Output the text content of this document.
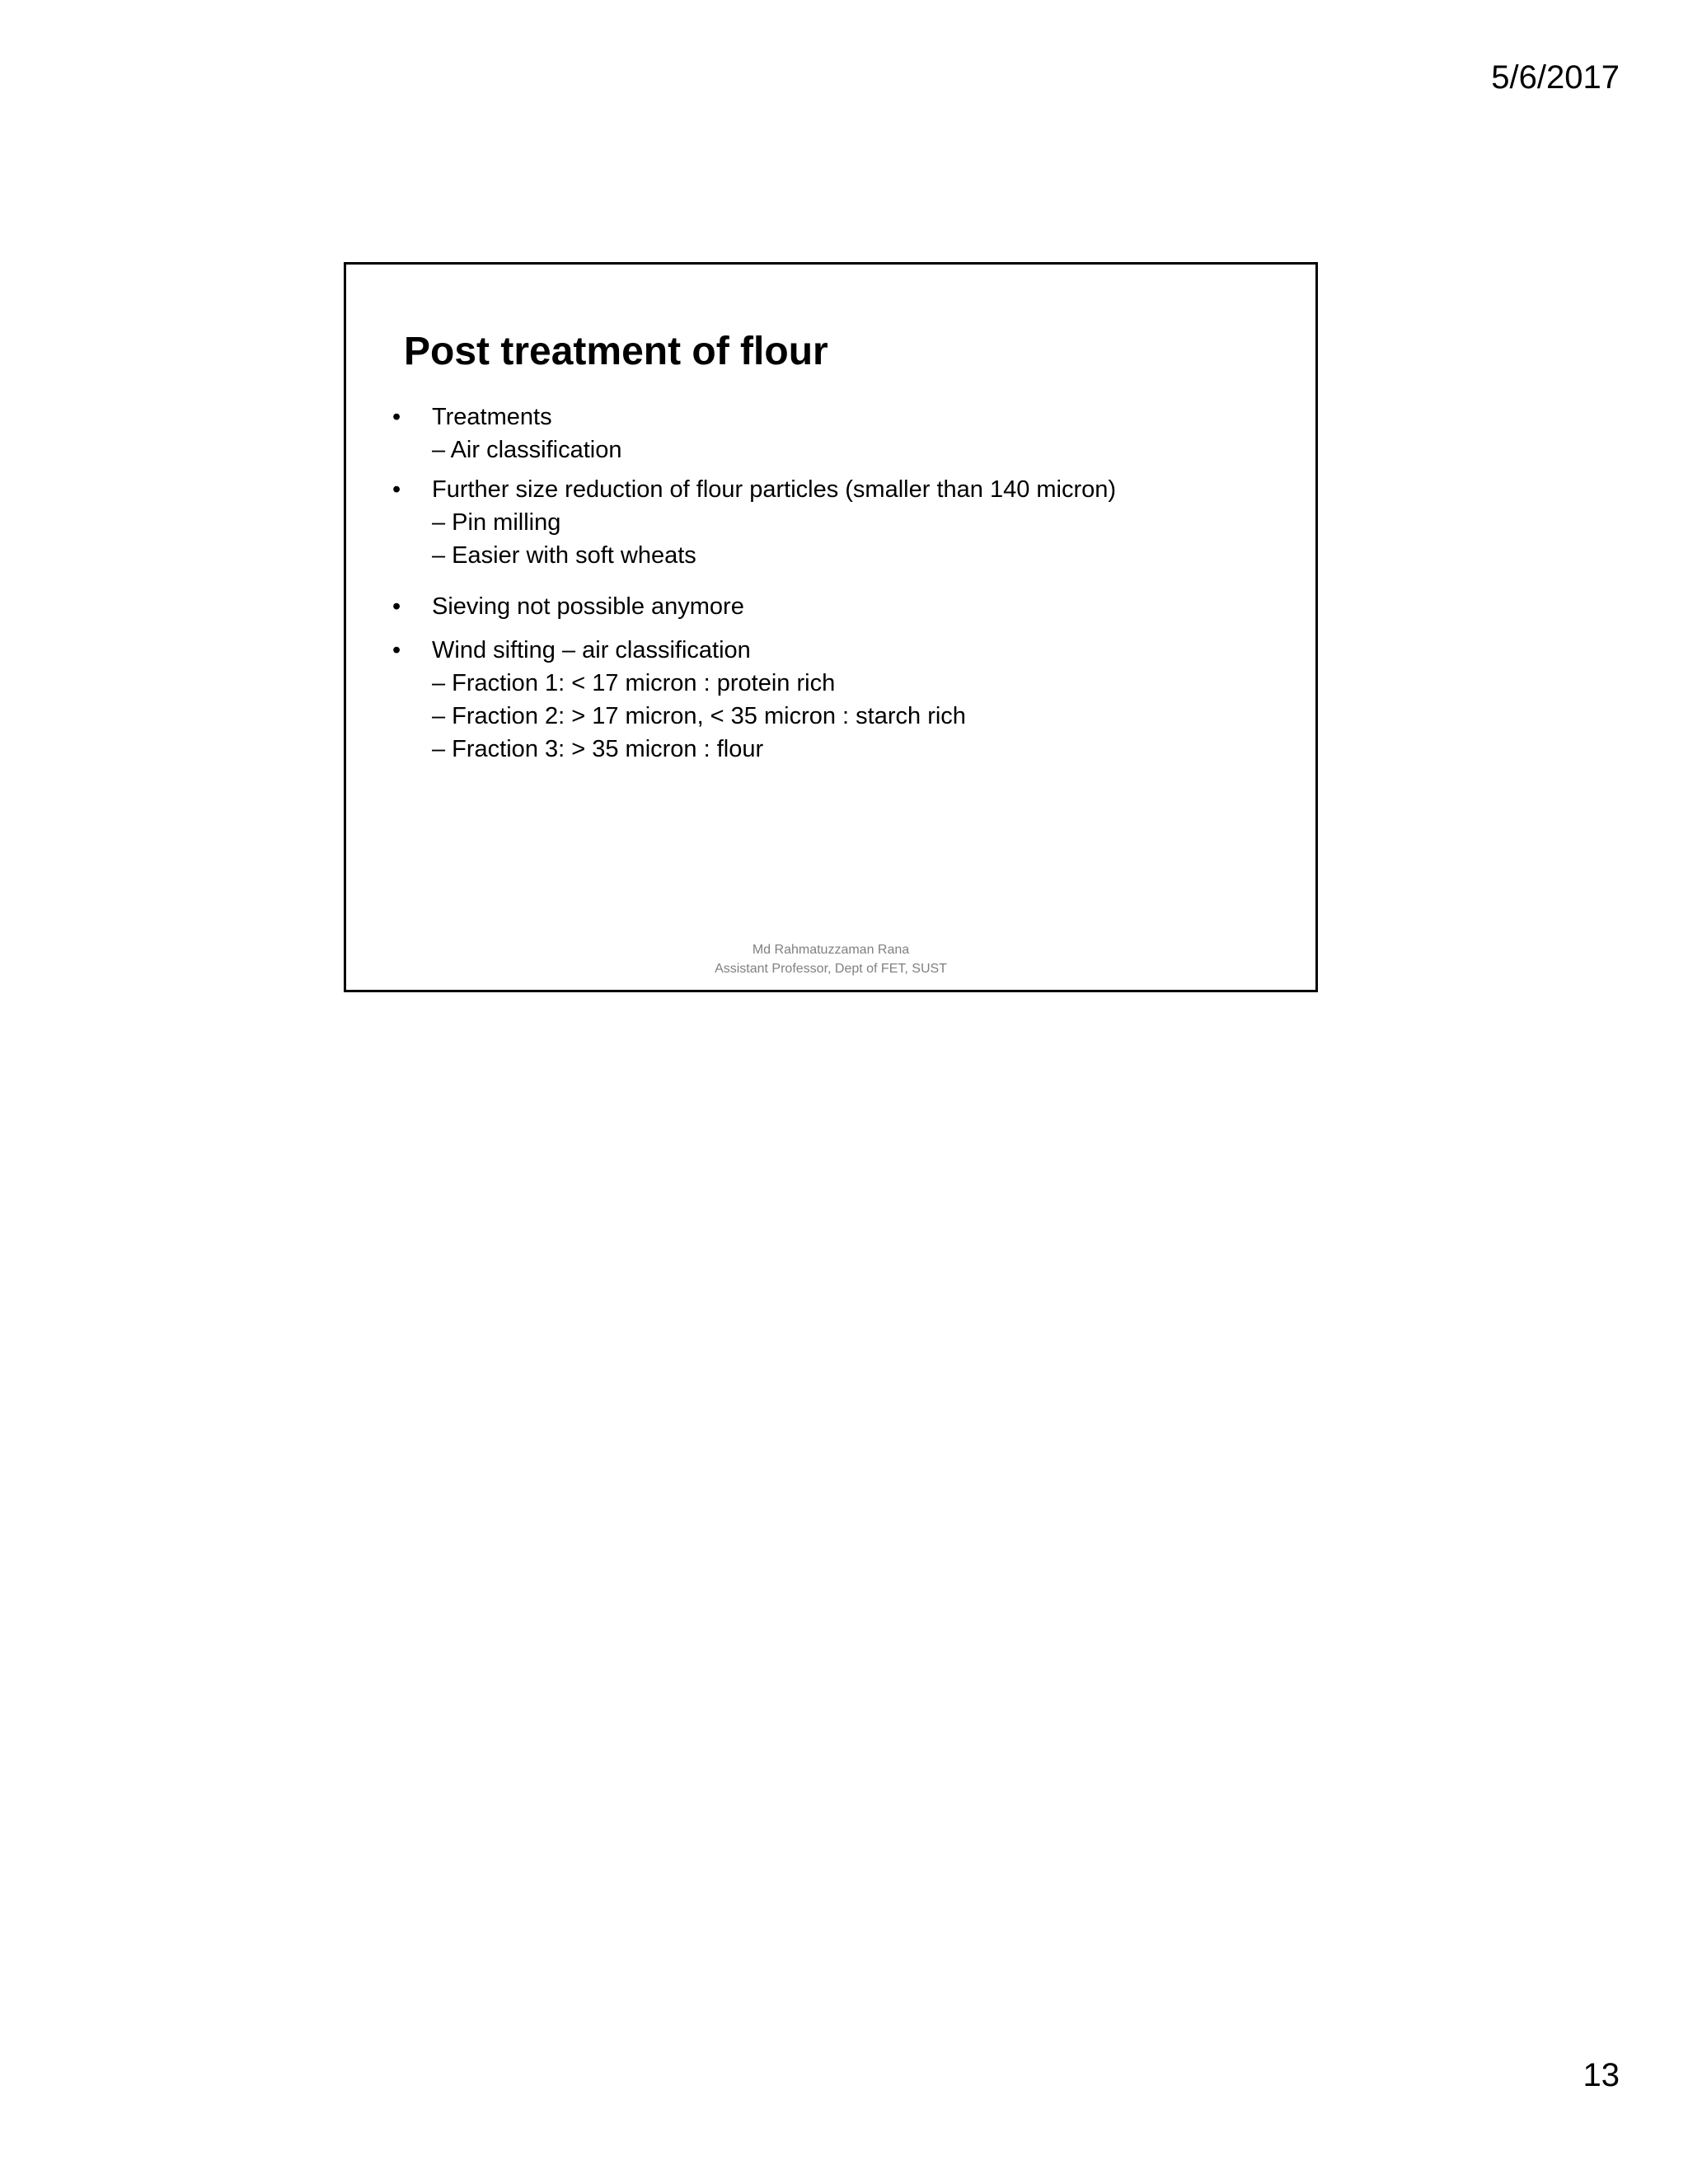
5/6/2017
Post treatment of flour
• Treatments
– Air classification
• Further size reduction of flour particles (smaller than 140 micron)
– Pin milling
– Easier with soft wheats
• Sieving not possible anymore
• Wind sifting – air classification
– Fraction 1: < 17 micron : protein rich
– Fraction 2: > 17 micron, < 35 micron : starch rich
– Fraction 3: > 35 micron : flour
Md Rahmatuzzaman Rana
Assistant Professor, Dept of FET, SUST
13
